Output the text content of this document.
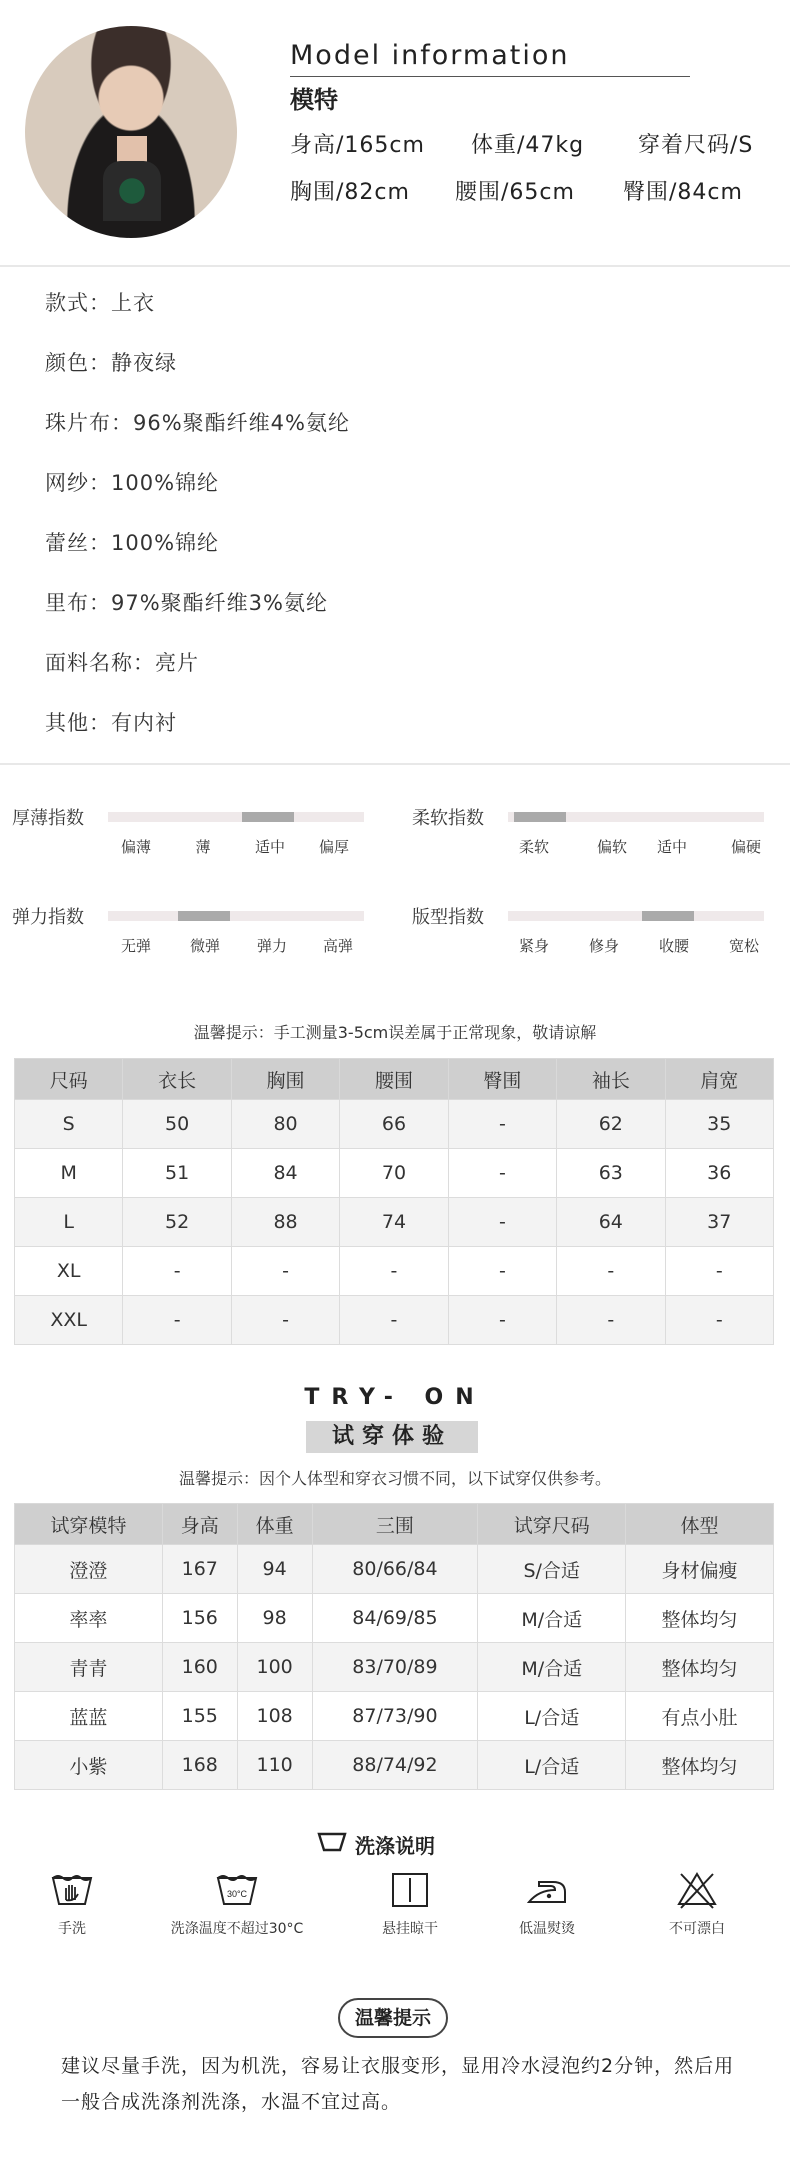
Model information
模特
身高/165cm 体重/47kg 穿着尺码/S
胸围/82cm 腰围/65cm 臀围/84cm
款式：上衣
颜色：静夜绿
珠片布：96%聚酯纤维4%氨纶
网纱：100%锦纶
蕾丝：100%锦纶
里布：97%聚酯纤维3%氨纶
面料名称：亮片
其他：有内衬
厚薄指数
偏薄	薄	适中 偏厚
柔软指数
柔软	偏软 适中	偏硬
弹力指数
无弹	微弹 弹力 高弹
版型指数
紧身	修身	收腰	宽松
温馨提示：手工测量3-5cm误差属于正常现象，敬请谅解
尺码	衣长	胸围	腰围	臀围	袖长	肩宽
S	50	80	66	-	62	35
M	51	84	70	-	63	36
L	52	88	74	-	64	37
XL	-	-	-	-	-	-
XXL	-	-	-	-	-	-
TRY- ON
试穿体验
温馨提示：因个人体型和穿衣习惯不同，以下试穿仅供参考。
试穿模特	身高	体重	三围	试穿尺码	体型
澄澄	167	94	80/66/84	S/合适	身材偏瘦
率率	156	98	84/69/85	M/合适	整体均匀
青青	160	100	83/70/89	M/合适	整体均匀
蓝蓝	155	108	87/73/90	L/合适	有点小肚
小紫	168	110	88/74/92	L/合适	整体均匀
洗涤说明
手洗
30°C
洗涤温度不超过30°C	悬挂晾干	低温熨烫	不可漂白
温馨提示
建议尽量手洗，因为机洗，容易让衣服变形，显用冷水浸泡约2分钟，然后用一般合成洗涤剂洗涤，水温不宜过高。
